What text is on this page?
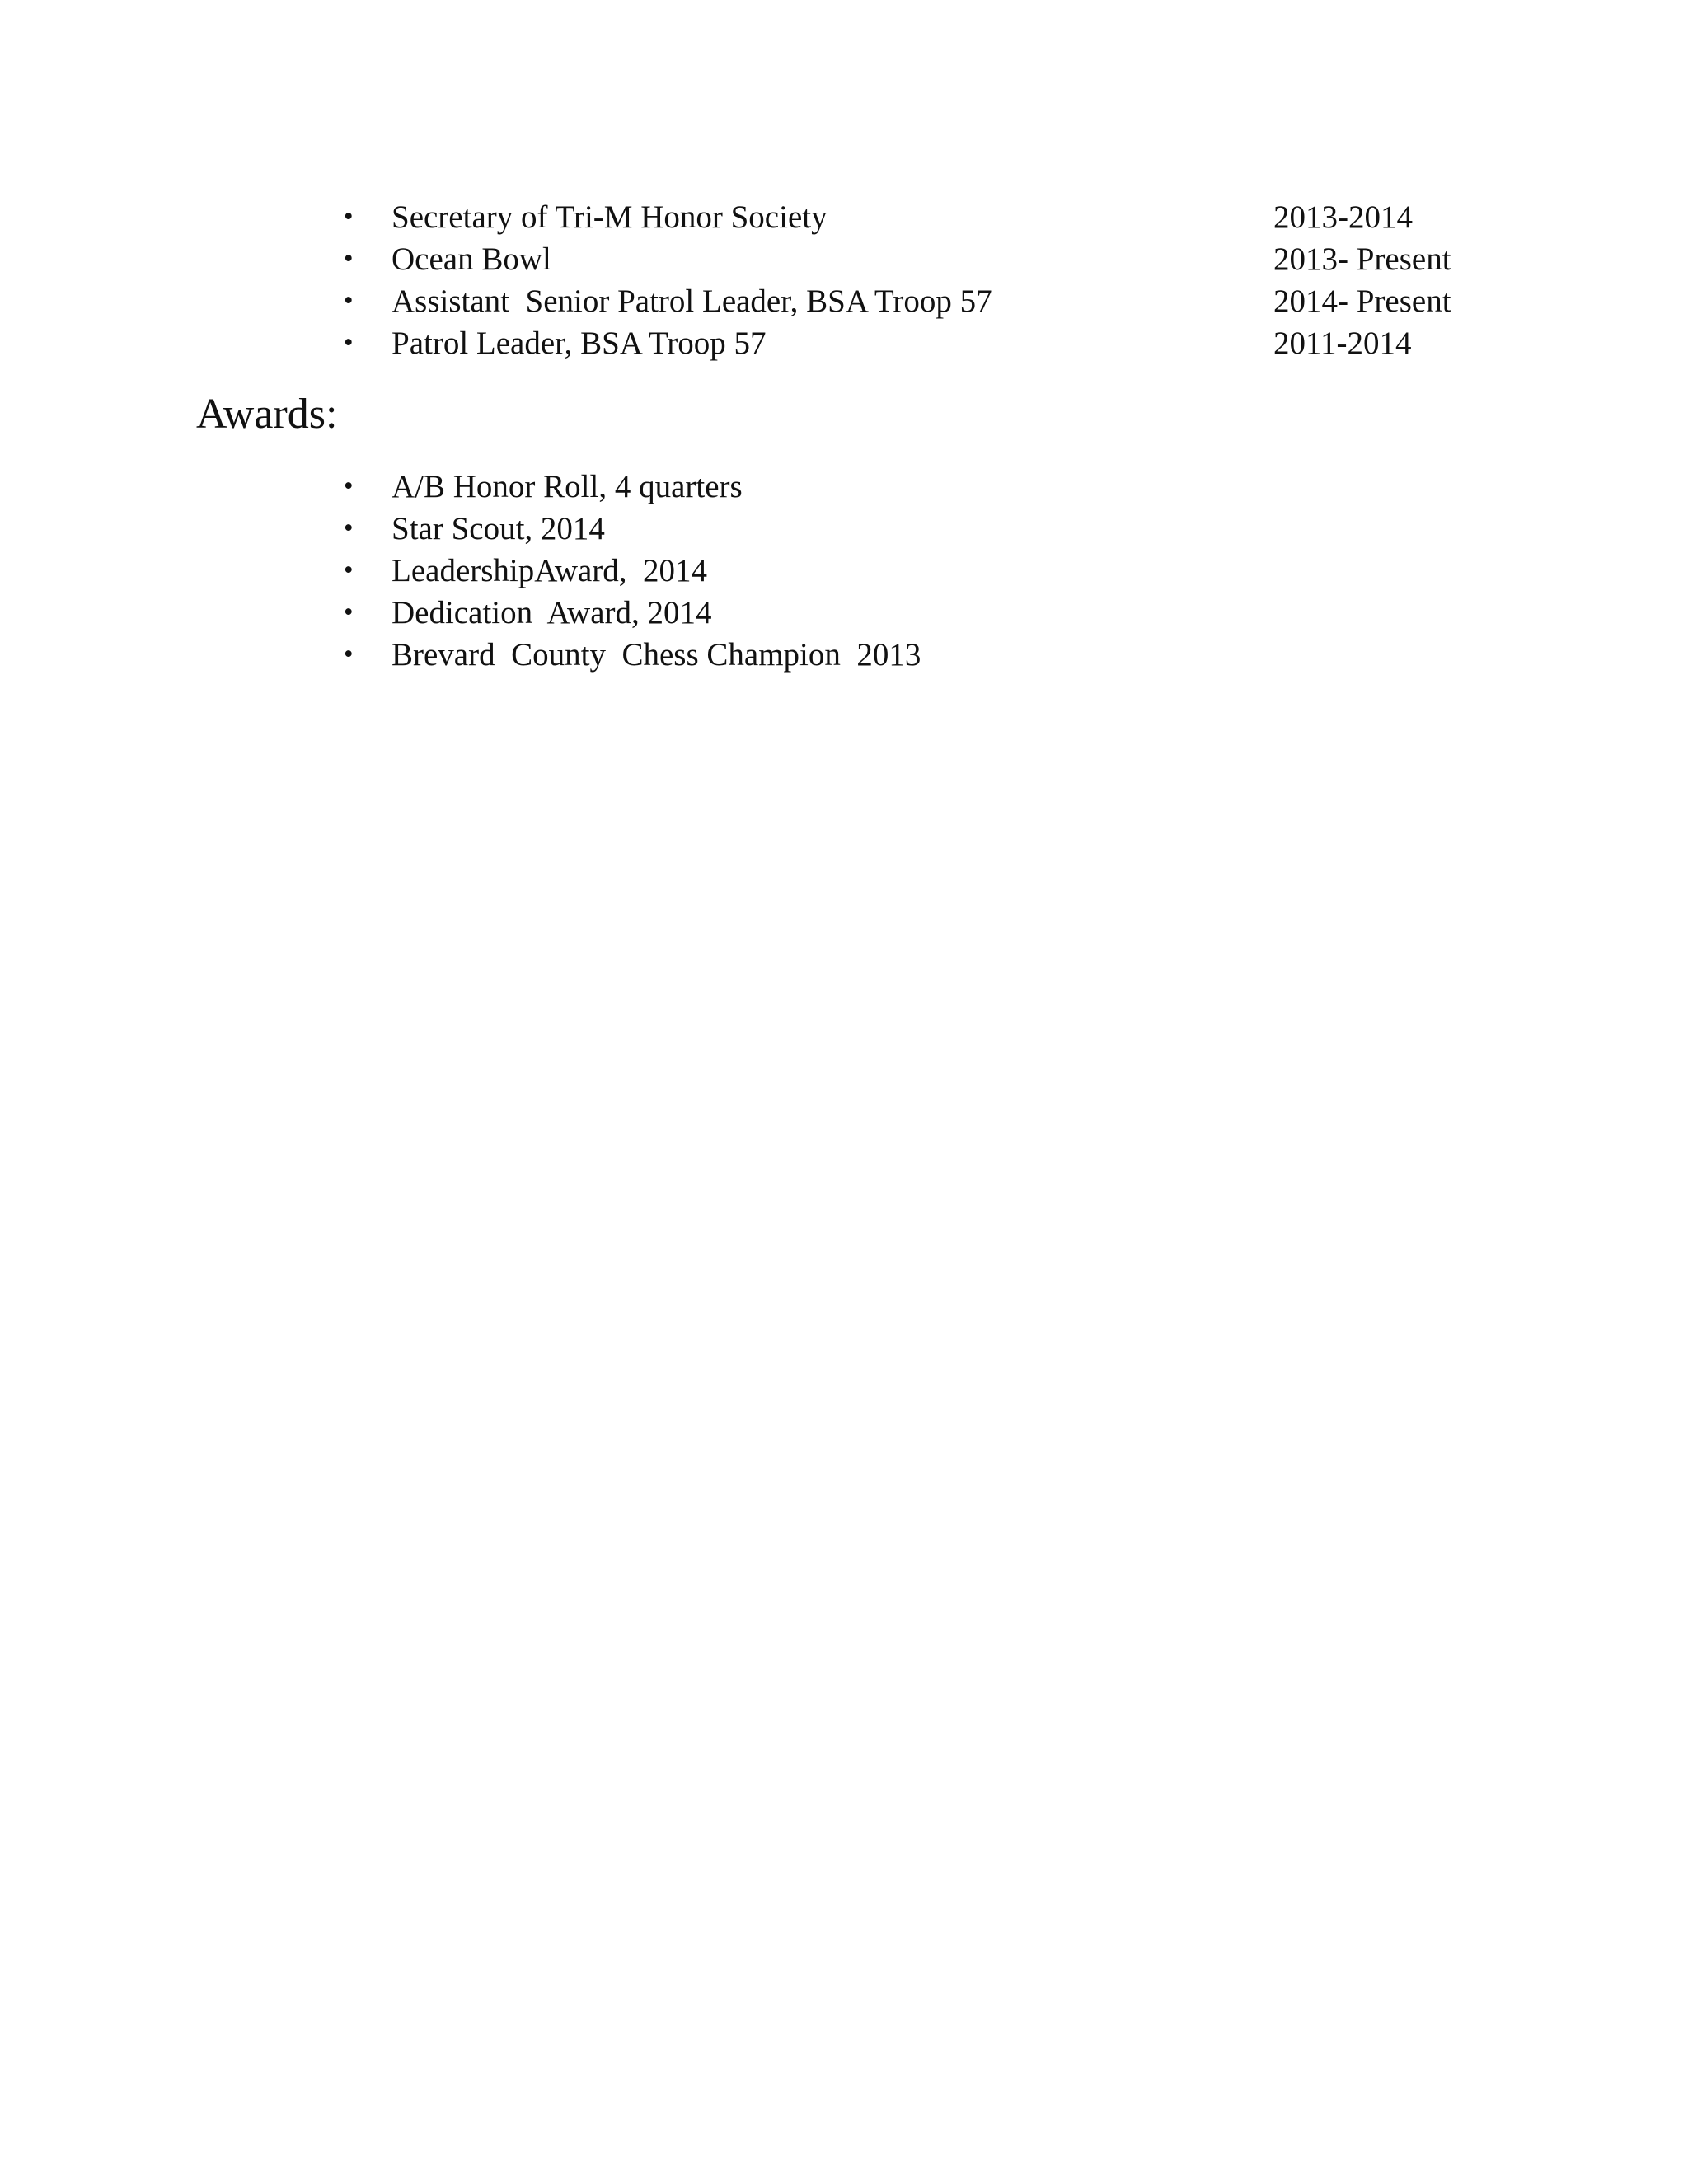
• Secretary of Tri-M Honor Society	2013-2014
• Ocean Bowl	2013- Present
• Assistant  Senior Patrol Leader, BSA Troop 57	2014- Present
• Patrol Leader, BSA Troop 57	2011-2014
Awards:
• A/B Honor Roll, 4 quarters
• Star Scout, 2014
• LeadershipAward,  2014
• Dedication  Award, 2014
• Brevard  County  Chess Champion  2013
